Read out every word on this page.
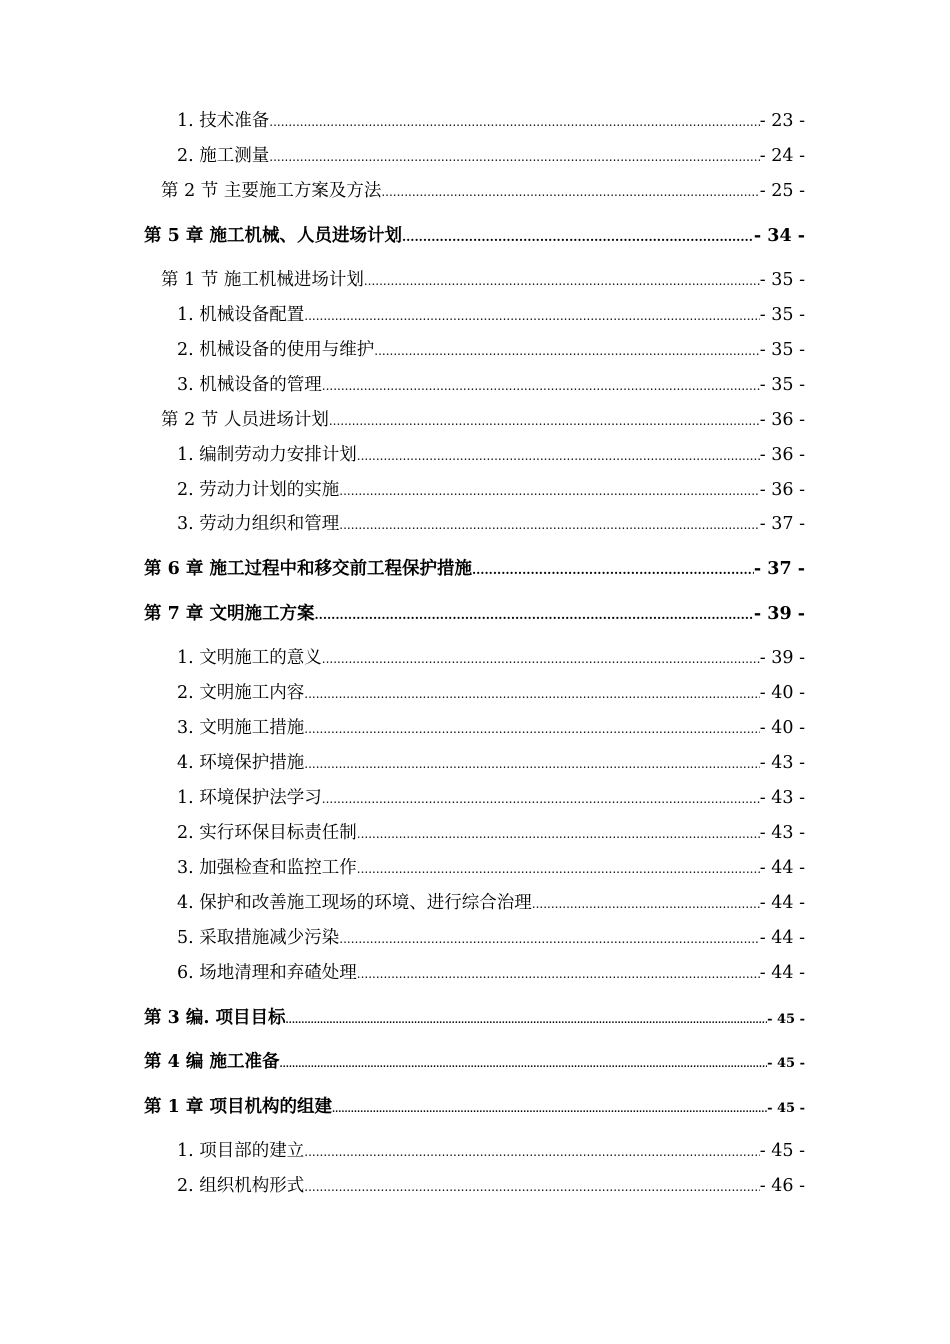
1. 技术准备 .....	- 23 -
2. 施工测量 .....	- 24 -
第 2 节 主要施工方案及方法 .....	- 25 -
第 5 章 施工机械、人员进场计划 .....	- 34 -
第 1 节 施工机械进场计划 .....	- 35 -
1. 机械设备配置 .....	- 35 -
2. 机械设备的使用与维护 .....	- 35 -
3. 机械设备的管理 .....	- 35 -
第 2 节 人员进场计划 .....	- 36 -
1. 编制劳动力安排计划 .....	- 36 -
2. 劳动力计划的实施 .....	- 36 -
3. 劳动力组织和管理 .....	- 37 -
第 6 章 施工过程中和移交前工程保护措施 .....	- 37 -
第 7 章 文明施工方案 .....	- 39 -
1. 文明施工的意义 .....	- 39 -
2. 文明施工内容 .....	- 40 -
3. 文明施工措施 .....	- 40 -
4. 环境保护措施 .....	- 43 -
1. 环境保护法学习 .....	- 43 -
2. 实行环保目标责任制 .....	- 43 -
3. 加强检查和监控工作 .....	- 44 -
4. 保护和改善施工现场的环境、进行综合治理 .....	- 44 -
5. 采取措施减少污染 .....	- 44 -
6. 场地清理和弃碴处理 .....	- 44 -
第 3 编. 项目目标 .....	- 45 -
第 4 编 施工准备 .....	- 45 -
第 1 章 项目机构的组建 .....	- 45 -
1. 项目部的建立 .....	- 45 -
2. 组织机构形式 .....	- 46 -
